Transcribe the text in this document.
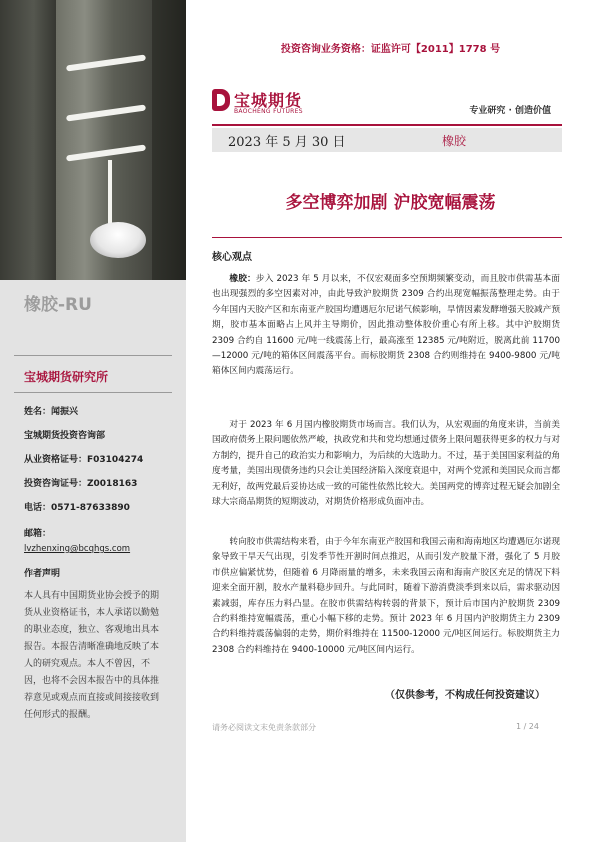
橡胶-RU
宝城期货研究所
姓名：闻振兴
宝城期货投资咨询部
从业资格证号：F03104274
投资咨询证号：Z0018163
电话：0571-87633890
邮箱：
lvzhenxing@bcqhgs.com
作者声明

本人具有中国期货业协会授予的期货从业资格证书，本人承诺以勤勉的职业态度，独立、客观地出具本报告。本报告清晰准确地反映了本人的研究观点。本人不曾因，不因，也将不会因本报告中的具体推荐意见或观点而直接或间接接收到任何形式的报酬。

投资咨询业务资格：证监许可【2011】1778 号
宝城期货
BAOCHENG FUTURES	专业研究 · 创造价值
2023 年 5 月 30 日	橡胶
多空博弈加剧 沪胶宽幅震荡
核心观点

橡胶：步入 2023 年 5 月以来，不仅宏观面多空预期频繁变动，而且胶市供需基本面也出现强烈的多空因素对冲，由此导致沪胶期货 2309 合约出现宽幅振荡整理走势。由于今年国内天胶产区和东南亚产胶国均遭遇厄尔尼诺气候影响，旱情因素发酵增强天胶减产预期，胶市基本面略占上风并主导期价，因此推动整体胶价重心有所上移。其中沪胶期货 2309 合约自 11600 元/吨一线震荡上行，最高涨至 12385 元/吨附近，脱离此前 11700—12000 元/吨的箱体区间震荡平台。而标胶期货 2308 合约则维持在 9400-9800 元/吨箱体区间内震荡运行。

对于 2023 年 6 月国内橡胶期货市场而言。我们认为，从宏观面的角度来讲，当前美国政府债务上限问题依然严峻，执政党和共和党均想通过债务上限问题获得更多的权力与对方制约，提升自己的政治实力和影响力，为后续的大选助力。不过，基于美国国家利益的角度考量，美国出现债务违约只会让美国经济陷入深度衰退中，对两个党派和美国民众而言都无利好，故两党最后妥协达成一致的可能性依然比较大。美国两党的博弈过程无疑会加剧全球大宗商品期货的短期波动，对期货价格形成负面冲击。

转向胶市供需结构来看，由于今年东南亚产胶国和我国云南和海南地区均遭遇厄尔诺现象导致干旱天气出现，引发季节性开割时间点推迟，从而引发产胶量下滑，强化了 5 月胶市供应偏紧忧势，但随着 6 月降雨量的增多，未来我国云南和海南产胶区充足的情况下料迎来全面开割，胶水产量料稳步回升。与此同时，随着下游消费淡季到来以后，需求驱动因素减弱，库存压力料凸显。在胶市供需结构转弱的背景下，预计后市国内沪胶期货 2309 合约料维持宽幅震荡，重心小幅下移的走势。预计 2023 年 6 月国内沪胶期货主力 2309 合约料维持震荡偏弱的走势，期价料维持在 11500-12000 元/吨区间运行。标胶期货主力 2308 合约料维持在 9400-10000 元/吨区间内运行。

（仅供参考，不构成任何投资建议）
请务必阅读文末免责条款部分	1 / 24
